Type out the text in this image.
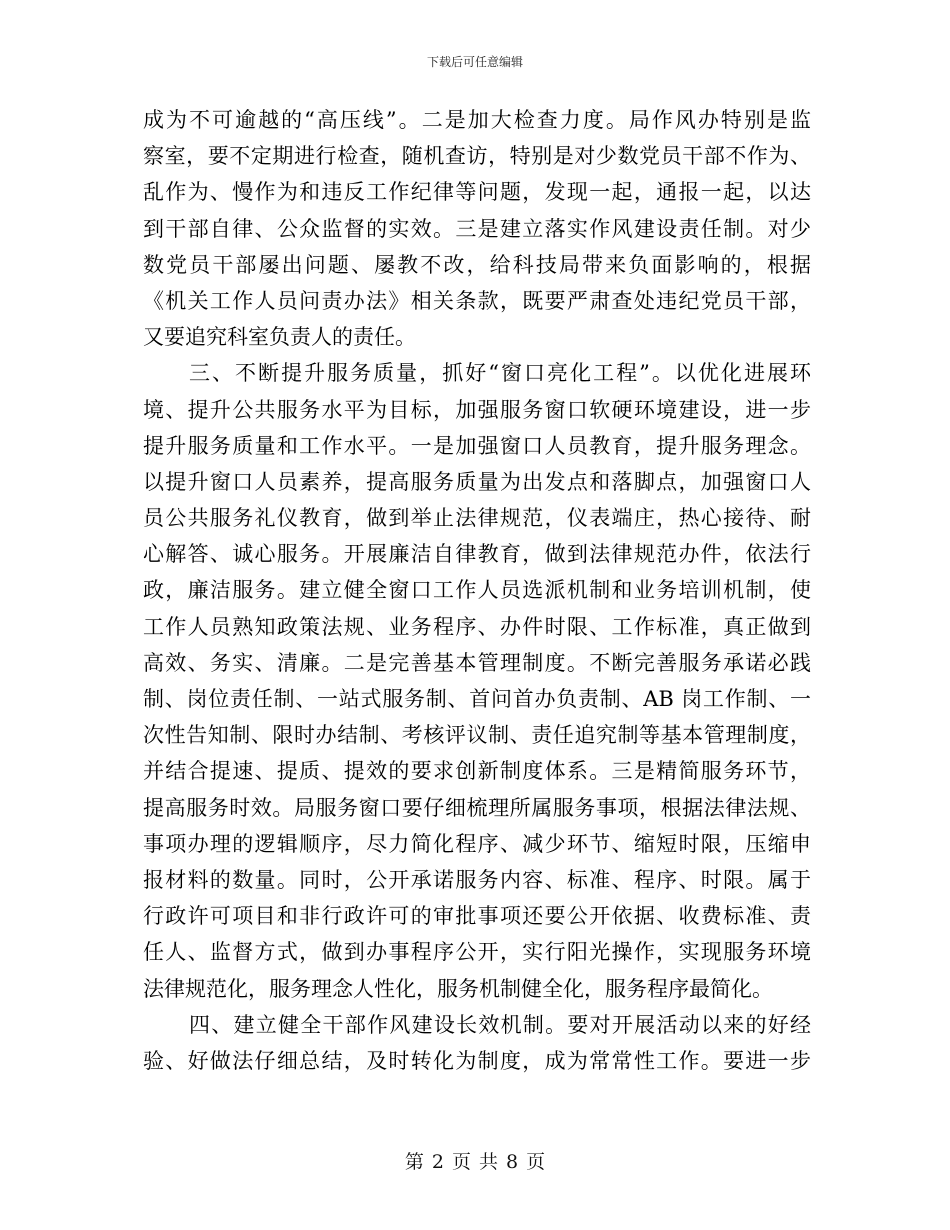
下载后可任意编辑
成为不可逾越的“高压线”。二是加大检查力度。局作风办特别是监
察室，要不定期进行检查，随机查访，特别是对少数党员干部不作为、
乱作为、慢作为和违反工作纪律等问题，发现一起，通报一起，以达
到干部自律、公众监督的实效。三是建立落实作风建设责任制。对少
数党员干部屡出问题、屡教不改，给科技局带来负面影响的，根据
《机关工作人员问责办法》相关条款，既要严肃查处违纪党员干部，
又要追究科室负责人的责任。
三、不断提升服务质量，抓好“窗口亮化工程”。以优化进展环
境、提升公共服务水平为目标，加强服务窗口软硬环境建设，进一步
提升服务质量和工作水平。一是加强窗口人员教育，提升服务理念。
以提升窗口人员素养，提高服务质量为出发点和落脚点，加强窗口人
员公共服务礼仪教育，做到举止法律规范，仪表端庄，热心接待、耐
心解答、诚心服务。开展廉洁自律教育，做到法律规范办件，依法行
政，廉洁服务。建立健全窗口工作人员选派机制和业务培训机制，使
工作人员熟知政策法规、业务程序、办件时限、工作标准，真正做到
高效、务实、清廉。二是完善基本管理制度。不断完善服务承诺必践
制、岗位责任制、一站式服务制、首问首办负责制、AB 岗工作制、一
次性告知制、限时办结制、考核评议制、责任追究制等基本管理制度，
并结合提速、提质、提效的要求创新制度体系。三是精简服务环节，
提高服务时效。局服务窗口要仔细梳理所属服务事项，根据法律法规、
事项办理的逻辑顺序，尽力简化程序、减少环节、缩短时限，压缩申
报材料的数量。同时，公开承诺服务内容、标准、程序、时限。属于
行政许可项目和非行政许可的审批事项还要公开依据、收费标准、责
任人、监督方式，做到办事程序公开，实行阳光操作，实现服务环境
法律规范化，服务理念人性化，服务机制健全化，服务程序最简化。
四、建立健全干部作风建设长效机制。要对开展活动以来的好经
验、好做法仔细总结，及时转化为制度，成为常常性工作。要进一步
第 2 页 共 8 页
